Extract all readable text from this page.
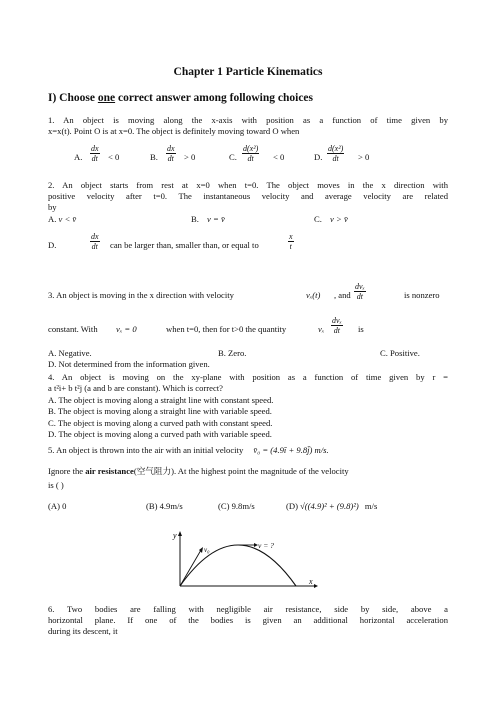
Chapter 1 Particle Kinematics
I) Choose one correct answer among following choices
1. An object is moving along the x-axis with position as a function of time given by
x=x(t). Point O is at x=0. The object is definitely moving toward O when
A. $\frac{dx}{dt} < 0$	B. $\frac{dx}{dt} > 0$	C. $\frac{\text{d(x²)}}{dt} < 0$	D. $\frac{\text{d(x²)}}{dt} > 0$
2. An object starts from rest at x=0 when t=0. The object moves in the x direction with
positive velocity after t=0. The instantaneous velocity and average velocity are related
by
A. v < v̄	B. v = v̄	C. v > v̄
D.	$\frac{dx}{dt}$ can be larger than, smaller than, or equal to	$\frac{x}{t}$
3. An object is moving in the x direction with velocity	vₓ(t) , and
dvₓ
dt	is nonzero
constant. With vₓ = 0	when t=0, then for t>0 the quantity	vₓ
dvₓ
dt	is
A. Negative.	B. Zero.	C. Positive.
D. Not determined from the information given.
4. An object is moving on the xy-plane with position as a function of time given by r =
a t²i+ b t²j (a and b are constant). Which is correct?
A. The object is moving along a straight line with constant speed.
B. The object is moving along a straight line with variable speed.
C. The object is moving along a curved path with constant speed.
D. The object is moving along a curved path with variable speed.
5. An object is thrown into the air with an initial velocity v̄₀ = (4.9ī + 9.8j̄) m/s.
Ignore the air resistance(空气阻力). At the highest point the magnitude of the velocity
is ( )
(A) 0	(B) 4.9m/s	(C) 9.8m/s	(D) √((4.9)² + (9.8)²) m/s
y
x
v₀	v = ?
6. Two bodies are falling with negligible air resistance, side by side, above a
horizontal plane. If one of the bodies is given an additional horizontal acceleration
during its descent, it
